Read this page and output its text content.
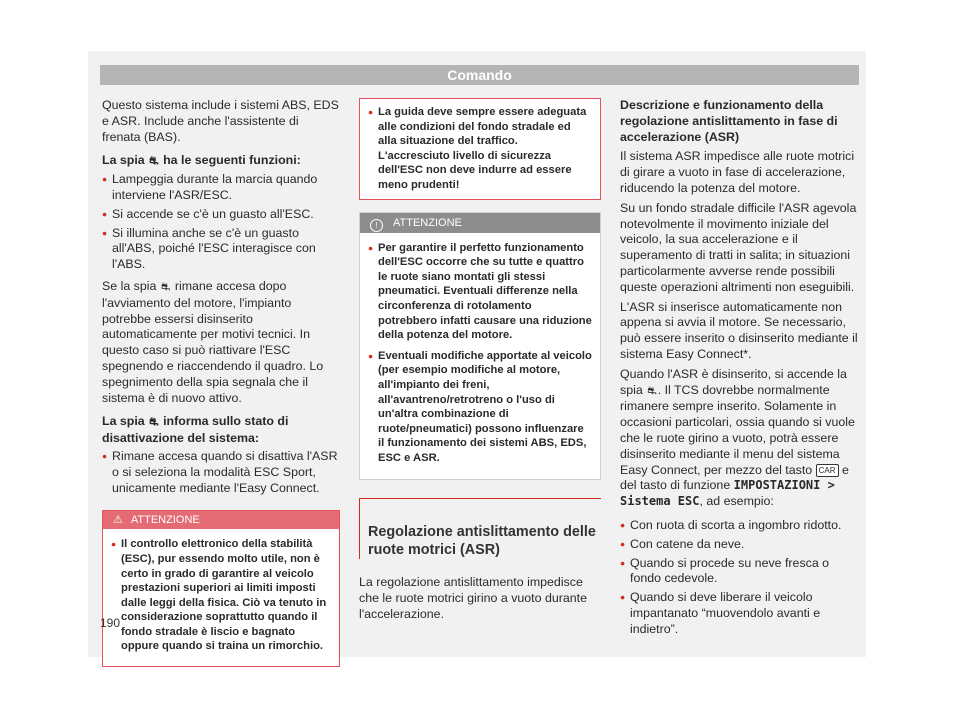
Comando

Questo sistema include i sistemi ABS, EDS e ASR. Include anche l'assistente di frenata (BAS).

La spia ⛐ ha le seguenti funzioni:

● Lampeggia durante la marcia quando interviene l'ASR/ESC.
● Si accende se c'è un guasto all'ESC.
● Si illumina anche se c'è un guasto all'ABS, poiché l'ESC interagisce con l'ABS.

Se la spia ⛐ rimane accesa dopo l'avviamento del motore, l'impianto potrebbe essersi disinserito automaticamente per motivi tecnici. In questo caso si può riattivare l'ESC spegnendo e riaccendendo il quadro. Lo spegnimento della spia segnala che il sistema è di nuovo attivo.

La spia ⛐ informa sullo stato di disattivazione del sistema:

● Rimane accesa quando si disattiva l'ASR o si seleziona la modalità ESC Sport, unicamente mediante l'Easy Connect.
⚠ ATTENZIONE
● Il controllo elettronico della stabilità (ESC), pur essendo molto utile, non è certo in grado di garantire al veicolo prestazioni superiori ai limiti imposti dalle leggi della fisica. Ciò va tenuto in considerazione soprattutto quando il fondo stradale è liscio e bagnato oppure quando si traina un rimorchio.
● La guida deve sempre essere adeguata alle condizioni del fondo stradale ed alla situazione del traffico. L'accresciuto livello di sicurezza dell'ESC non deve indurre ad essere meno prudenti!
! ATTENZIONE
● Per garantire il perfetto funzionamento dell'ESC occorre che su tutte e quattro le ruote siano montati gli stessi pneumatici. Eventuali differenze nella circonferenza di rotolamento potrebbero infatti causare una riduzione della potenza del motore.
● Eventuali modifiche apportate al veicolo (per esempio modifiche al motore, all'impianto dei freni, all'avantreno/retrotreno o l'uso di un'altra combinazione di ruote/pneumatici) possono influenzare il funzionamento dei sistemi ABS, EDS, ESC e ASR.
Regolazione antislittamento delle ruote motrici (ASR)

La regolazione antislittamento impedisce che le ruote motrici girino a vuoto durante l'accelerazione.

Descrizione e funzionamento della regolazione antislittamento in fase di accelerazione (ASR)

Il sistema ASR impedisce alle ruote motrici di girare a vuoto in fase di accelerazione, riducendo la potenza del motore.

Su un fondo stradale difficile l'ASR agevola notevolmente il movimento iniziale del veicolo, la sua accelerazione e il superamento di tratti in salita; in situazioni particolarmente avverse rende possibili queste operazioni altrimenti non eseguibili.

L'ASR si inserisce automaticamente non appena si avvia il motore. Se necessario, può essere inserito o disinserito mediante il sistema Easy Connect*.

Quando l'ASR è disinserito, si accende la spia ⛐. Il TCS dovrebbe normalmente rimanere sempre inserito. Solamente in occasioni particolari, ossia quando si vuole che le ruote girino a vuoto, potrà essere disinserito mediante il menu del sistema Easy Connect, per mezzo del tasto CAR e del tasto di funzione IMPOSTAZIONI > Sistema ESC, ad esempio:

● Con ruota di scorta a ingombro ridotto.
● Con catene da neve.
● Quando si procede su neve fresca o fondo cedevole.
● Quando si deve liberare il veicolo impantanato “muovendolo avanti e indietro”.
190
